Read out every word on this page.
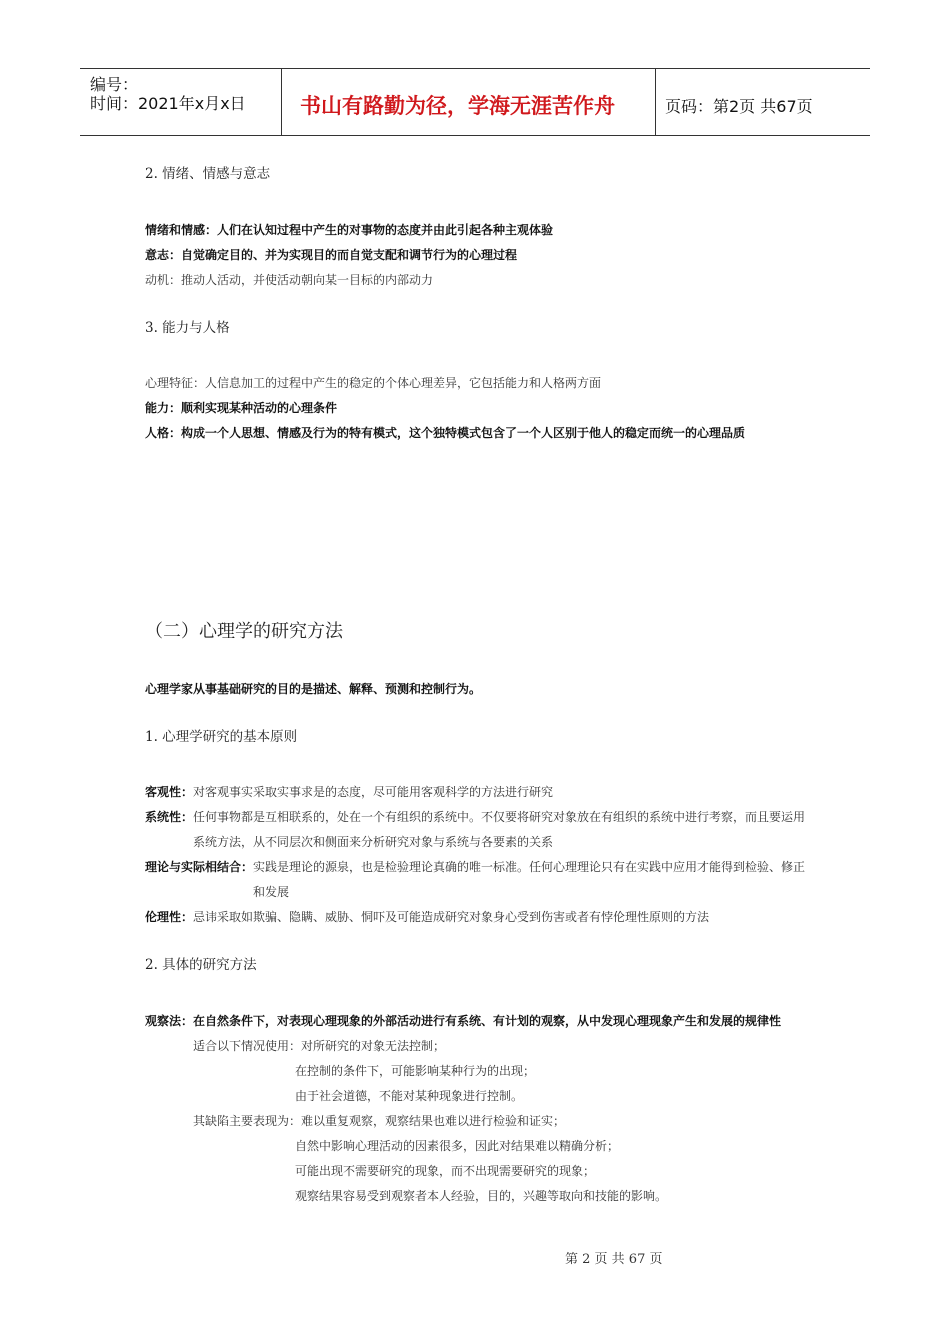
编号：
时间：2021年x月x日	书山有路勤为径，学海无涯苦作舟	页码：第2页 共67页
2. 情绪、情感与意志
情绪和情感：人们在认知过程中产生的对事物的态度并由此引起各种主观体验
意志：自觉确定目的、并为实现目的而自觉支配和调节行为的心理过程
动机：推动人活动，并使活动朝向某一目标的内部动力
3. 能力与人格
心理特征：人信息加工的过程中产生的稳定的个体心理差异，它包括能力和人格两方面
能力：顺利实现某种活动的心理条件
人格：构成一个人思想、情感及行为的特有模式，这个独特模式包含了一个人区别于他人的稳定而统一的心理品质
（二）心理学的研究方法
心理学家从事基础研究的目的是描述、解释、预测和控制行为。
1. 心理学研究的基本原则
客观性：对客观事实采取实事求是的态度，尽可能用客观科学的方法进行研究
系统性：任何事物都是互相联系的，处在一个有组织的系统中。不仅要将研究对象放在有组织的系统中进行考察，而且要运用
系统方法，从不同层次和侧面来分析研究对象与系统与各要素的关系
理论与实际相结合：实践是理论的源泉，也是检验理论真确的唯一标准。任何心理理论只有在实践中应用才能得到检验、修正
和发展
伦理性：忌讳采取如欺骗、隐瞒、威胁、恫吓及可能造成研究对象身心受到伤害或者有悖伦理性原则的方法
2. 具体的研究方法
观察法：在自然条件下，对表现心理现象的外部活动进行有系统、有计划的观察，从中发现心理现象产生和发展的规律性
适合以下情况使用：对所研究的对象无法控制；
在控制的条件下，可能影响某种行为的出现；
由于社会道德，不能对某种现象进行控制。
其缺陷主要表现为：难以重复观察，观察结果也难以进行检验和证实；
自然中影响心理活动的因素很多，因此对结果难以精确分析；
可能出现不需要研究的现象，而不出现需要研究的现象；
观察结果容易受到观察者本人经验，目的，兴趣等取向和技能的影响。
第 2 页 共 67 页
